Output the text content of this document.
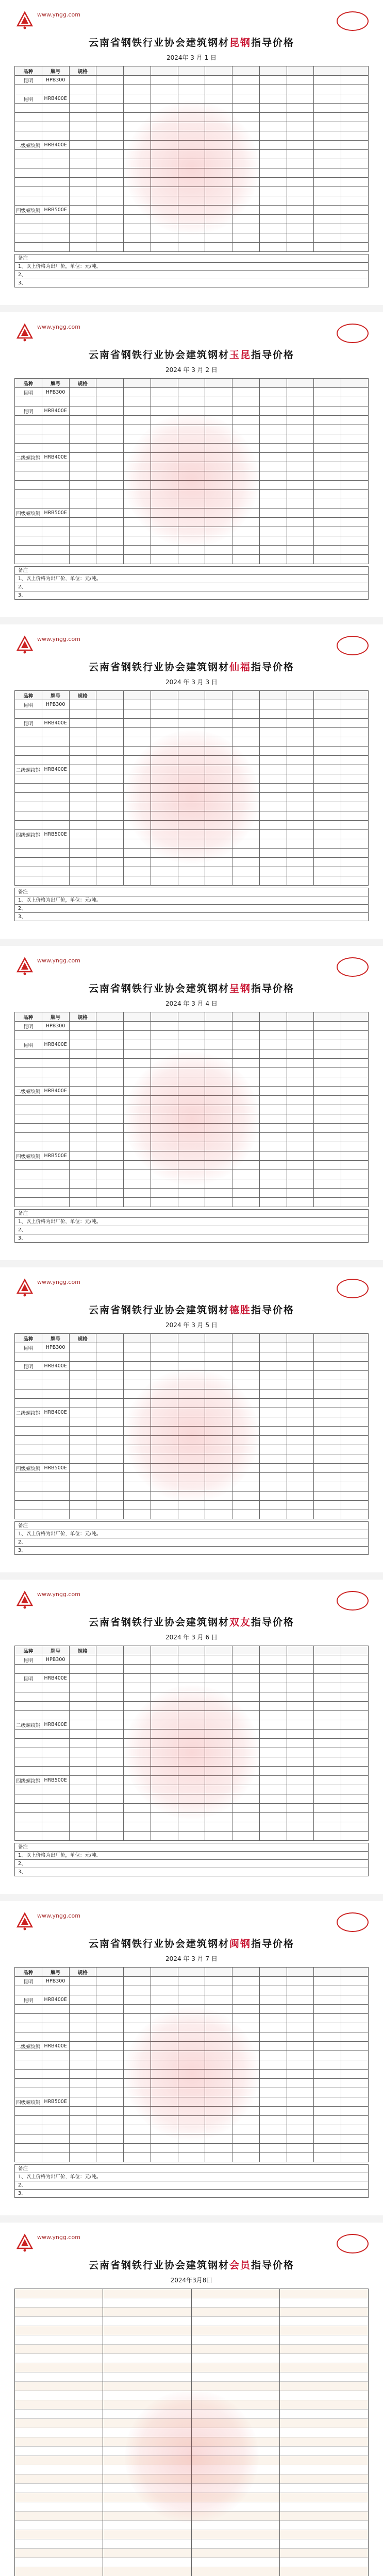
www.yngg.com
云南省钢铁行业协会建筑钢材昆钢指导价格
2024年 3 月 1 日
品种	牌号	规格										
昆明	HPB300											

昆明	HRB400E											

二级螺纹钢	HRB400E											

四级螺纹钢	HRB500E											

备注
1、以上价格为出厂价，单位：元/吨。
2、
3、
www.yngg.com
云南省钢铁行业协会建筑钢材玉昆指导价格
2024 年 3 月 2 日
品种	牌号	规格										
昆明	HPB300											

昆明	HRB400E											

二级螺纹钢	HRB400E											

四级螺纹钢	HRB500E											

备注
1、以上价格为出厂价，单位：元/吨。
2、
3、
www.yngg.com
云南省钢铁行业协会建筑钢材仙福指导价格
2024 年 3 月 3 日
品种	牌号	规格										
昆明	HPB300											

昆明	HRB400E											

二级螺纹钢	HRB400E											

四级螺纹钢	HRB500E											

备注
1、以上价格为出厂价，单位：元/吨。
2、
3、
www.yngg.com
云南省钢铁行业协会建筑钢材呈钢指导价格
2024 年 3 月 4 日
品种	牌号	规格										
昆明	HPB300											

昆明	HRB400E											

二级螺纹钢	HRB400E											

四级螺纹钢	HRB500E											

备注
1、以上价格为出厂价，单位：元/吨。
2、
3、
www.yngg.com
云南省钢铁行业协会建筑钢材德胜指导价格
2024 年 3 月 5 日
品种	牌号	规格										
昆明	HPB300											

昆明	HRB400E											

二级螺纹钢	HRB400E											

四级螺纹钢	HRB500E											

备注
1、以上价格为出厂价，单位：元/吨。
2、
3、
www.yngg.com
云南省钢铁行业协会建筑钢材双友指导价格
2024 年 3 月 6 日
品种	牌号	规格										
昆明	HPB300											

昆明	HRB400E											

二级螺纹钢	HRB400E											

四级螺纹钢	HRB500E											

备注
1、以上价格为出厂价，单位：元/吨。
2、
3、
www.yngg.com
云南省钢铁行业协会建筑钢材闽钢指导价格
2024 年 3 月 7 日
品种	牌号	规格										
昆明	HPB300											

昆明	HRB400E											

二级螺纹钢	HRB400E											

四级螺纹钢	HRB500E											

备注
1、以上价格为出厂价，单位：元/吨。
2、
3、
www.yngg.com
云南省钢铁行业协会建筑钢材会员指导价格
2024年3月8日
